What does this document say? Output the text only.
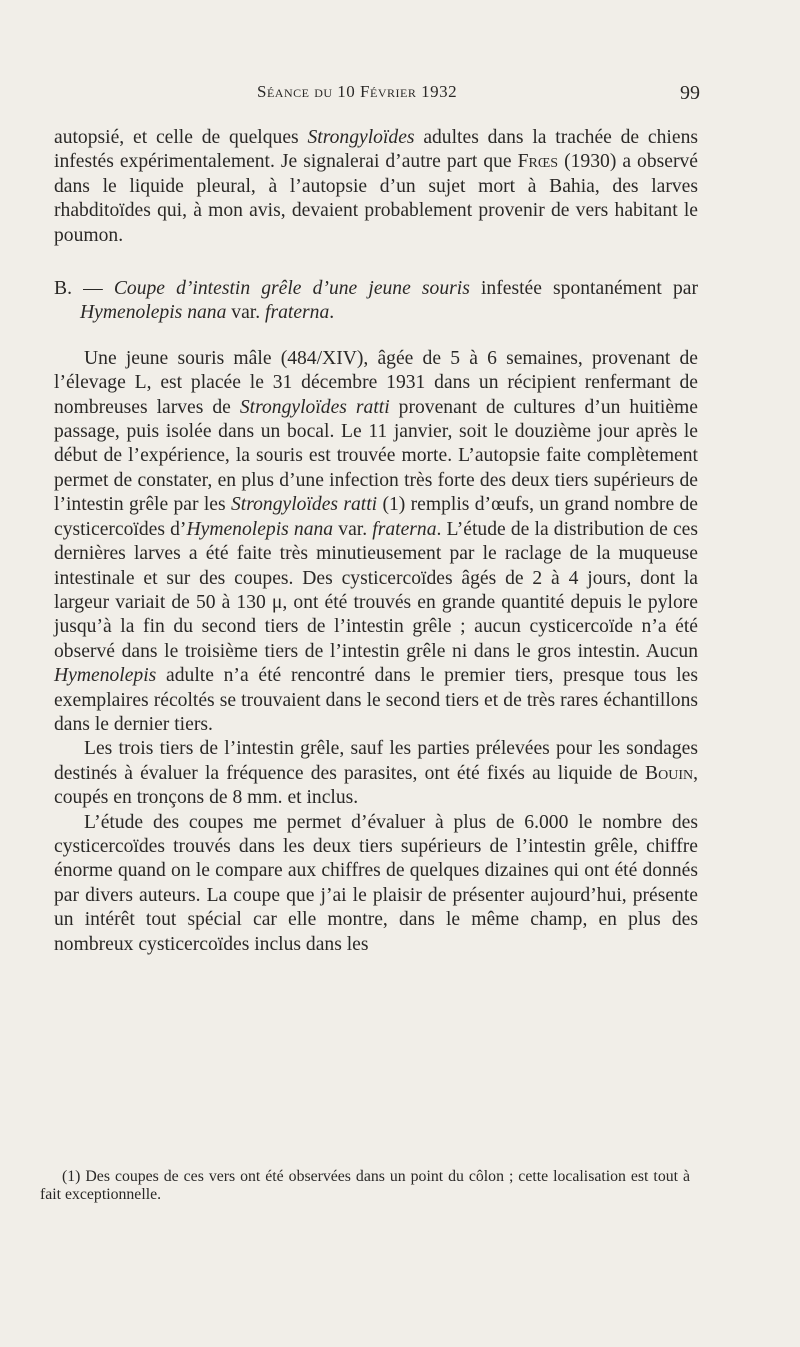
Séance du 10 Février 1932	99

autopsié, et celle de quelques Strongyloïdes adultes dans la trachée de chiens infestés expérimentalement. Je signalerai d’autre part que Frœs (1930) a observé dans le liquide pleural, à l’autopsie d’un sujet mort à Bahia, des larves rhabditoïdes qui, à mon avis, devaient probablement provenir de vers habitant le poumon.

B. — Coupe d’intestin grêle d’une jeune souris infestée spontanément par Hymenolepis nana var. fraterna.

Une jeune souris mâle (484/XIV), âgée de 5 à 6 semaines, provenant de l’élevage L, est placée le 31 décembre 1931 dans un récipient renfermant de nombreuses larves de Strongyloïdes ratti provenant de cultures d’un huitième passage, puis isolée dans un bocal. Le 11 janvier, soit le douzième jour après le début de l’expérience, la souris est trouvée morte. L’autopsie faite complètement permet de constater, en plus d’une infection très forte des deux tiers supérieurs de l’intestin grêle par les Strongyloïdes ratti (1) remplis d’œufs, un grand nombre de cysticercoïdes d’Hymenolepis nana var. fraterna. L’étude de la distribution de ces dernières larves a été faite très minutieusement par le raclage de la muqueuse intestinale et sur des coupes. Des cysticercoïdes âgés de 2 à 4 jours, dont la largeur variait de 50 à 130 μ, ont été trouvés en grande quantité depuis le pylore jusqu’à la fin du second tiers de l’intestin grêle ; aucun cysticercoïde n’a été observé dans le troisième tiers de l’intestin grêle ni dans le gros intestin. Aucun Hymenolepis adulte n’a été rencontré dans le premier tiers, presque tous les exemplaires récoltés se trouvaient dans le second tiers et de très rares échantillons dans le dernier tiers.

Les trois tiers de l’intestin grêle, sauf les parties prélevées pour les sondages destinés à évaluer la fréquence des parasites, ont été fixés au liquide de Bouin, coupés en tronçons de 8 mm. et inclus.

L’étude des coupes me permet d’évaluer à plus de 6.000 le nombre des cysticercoïdes trouvés dans les deux tiers supérieurs de l’intestin grêle, chiffre énorme quand on le compare aux chiffres de quelques dizaines qui ont été donnés par divers auteurs. La coupe que j’ai le plaisir de présenter aujourd’hui, présente un intérêt tout spécial car elle montre, dans le même champ, en plus des nombreux cysticercoïdes inclus dans les

(1) Des coupes de ces vers ont été observées dans un point du côlon ; cette localisation est tout à fait exceptionnelle.
